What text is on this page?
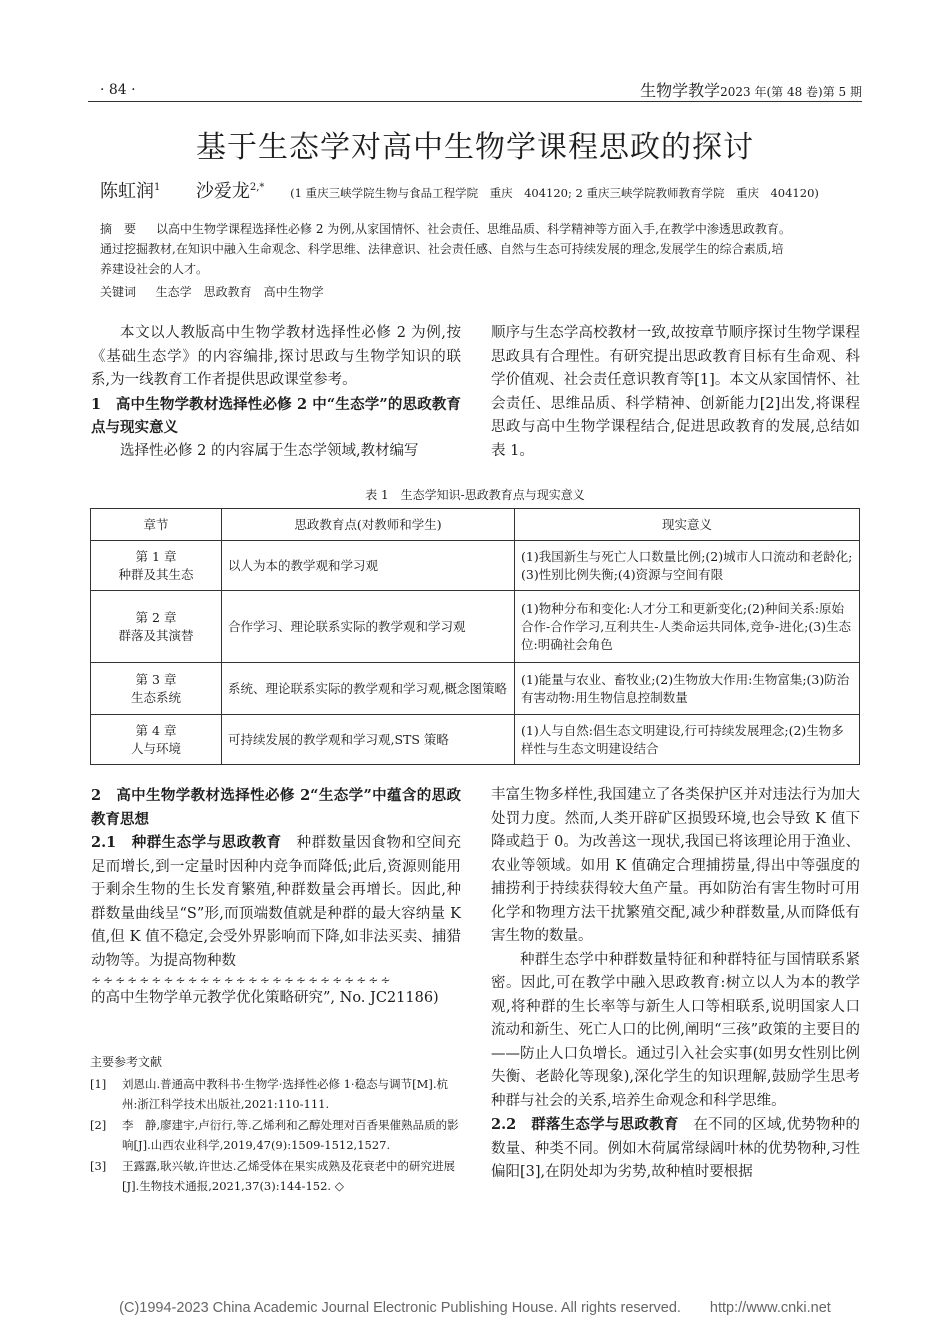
· 84 ·	生物学教学2023 年(第 48 卷)第 5 期
基于生态学对高中生物学课程思政的探讨
陈虹润$^1$ 沙爱龙$^{2,*}$ (1 重庆三峡学院生物与食品工程学院　重庆　404120; 2 重庆三峡学院教师教育学院　重庆　404120)
摘　要 以高中生物学课程选择性必修 2 为例,从家国情怀、社会责任、思维品质、科学精神等方面入手,在教学中渗透思政教育。
通过挖掘教材,在知识中融入生命观念、科学思维、法律意识、社会责任感、自然与生态可持续发展的理念,发展学生的综合素质,培
养建设社会的人才。
关键词 生态学　思政教育　高中生物学

本文以人教版高中生物学教材选择性必修 2 为例,按《基础生态学》的内容编排,探讨思政与生物学知识的联系,为一线教育工作者提供思政课堂参考。

1　高中生物学教材选择性必修 2 中“生态学”的思政教育点与现实意义

选择性必修 2 的内容属于生态学领域,教材编写

顺序与生态学高校教材一致,故按章节顺序探讨生物学课程思政具有合理性。有研究提出思政教育目标有生命观、科学价值观、社会责任意识教育等[1]。本文从家国情怀、社会责任、思维品质、科学精神、创新能力[2]出发,将课程思政与高中生物学课程结合,促进思政教育的发展,总结如表 1。

表 1　生态学知识-思政教育点与现实意义
章节	思政教育点(对教师和学生)	现实意义

第 1 章
种群及其生态	以人为本的教学观和学习观	(1)我国新生与死亡人口数量比例;(2)城市人口流动和老龄化;(3)性别比例失衡;(4)资源与空间有限

第 2 章
群落及其演替	合作学习、理论联系实际的教学观和学习观	(1)物种分布和变化:人才分工和更新变化;(2)种间关系:原始合作-合作学习,互利共生-人类命运共同体,竞争-进化;(3)生态位:明确社会角色

第 3 章
生态系统	系统、理论联系实际的教学观和学习观,概念图策略	(1)能量与农业、畜牧业;(2)生物放大作用:生物富集;(3)防治有害动物:用生物信息控制数量

第 4 章
人与环境	可持续发展的教学观和学习观,STS 策略	(1)人与自然:倡生态文明建设,行可持续发展理念;(2)生物多样性与生态文明建设结合

2　高中生物学教材选择性必修 2“生态学”中蕴含的思政教育思想

2.1　种群生态学与思政教育　 种群数量因食物和空间充足而增长,到一定量时因种内竞争而降低;此后,资源则能用于剩余生物的生长发育繁殖,种群数量会再增长。因此,种群数量曲线呈“S”形,而顶端数值就是种群的最大容纳量 K 值,但 K 值不稳定,会受外界影响而下降,如非法买卖、捕猎动物等。为提高物种数

∻∻∻∻∻∻∻∻∻∻∻∻∻∻∻∻∻∻∻∻∻∻∻∻∻

的高中生物学单元教学优化策略研究”, No. JC21186)

丰富生物多样性,我国建立了各类保护区并对违法行为加大处罚力度。然而,人类开辟矿区损毁环境,也会导致 K 值下降或趋于 0。为改善这一现状,我国已将该理论用于渔业、农业等领域。如用 K 值确定合理捕捞量,得出中等强度的捕捞利于持续获得较大鱼产量。再如防治有害生物时可用化学和物理方法干扰繁殖交配,减少种群数量,从而降低有害生物的数量。

种群生态学中种群数量特征和种群特征与国情联系紧密。因此,可在教学中融入思政教育:树立以人为本的教学观,将种群的生长率等与新生人口等相联系,说明国家人口流动和新生、死亡人口的比例,阐明“三孩”政策的主要目的——防止人口负增长。通过引入社会实事(如男女性别比例失衡、老龄化等现象),深化学生的知识理解,鼓励学生思考种群与社会的关系,培养生命观念和科学思维。

2.2　群落生态学与思政教育　 在不同的区域,优势物种的数量、种类不同。例如木荷属常绿阔叶林的优势物种,习性偏阳[3],在阴处却为劣势,故种植时要根据

主要参考文献
[1]	刘恩山.普通高中教科书·生物学·选择性必修 1·稳态与调节[M].杭州:浙江科学技术出版社,2021:110-111.
[2]	李　静,廖建宇,卢衍行,等.乙烯利和乙醇处理对百香果催熟品质的影响[J].山西农业科学,2019,47(9):1509-1512,1527.
[3]	王露露,耿兴敏,许世达.乙烯受体在果实成熟及花衰老中的研究进展[J].生物技术通报,2021,37(3):144-152. ◇
(C)1994-2023 China Academic Journal Electronic Publishing House. All rights reserved.　　http://www.cnki.net
